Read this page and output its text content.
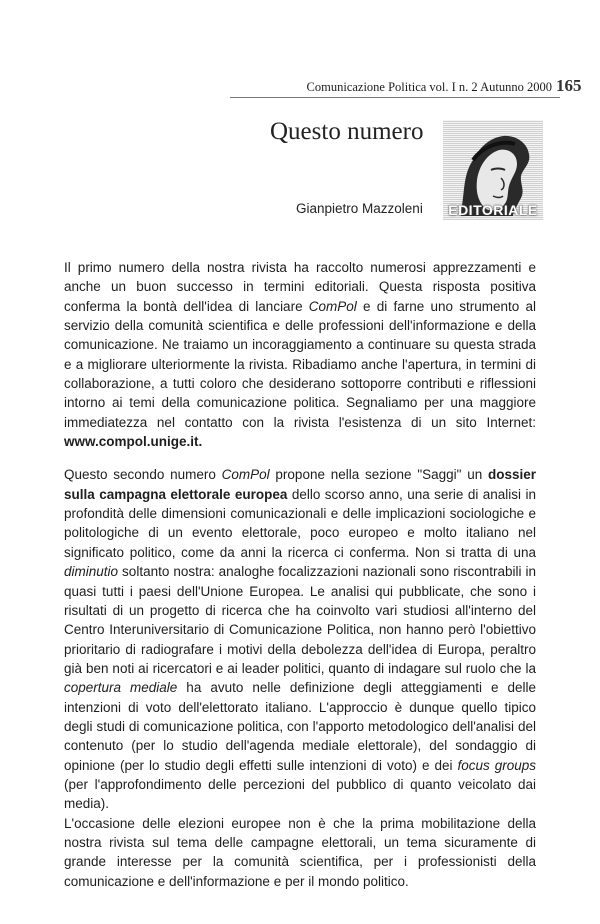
Comunicazione Politica vol. I n. 2 Autunno 2000 165
Questo numero
Gianpietro Mazzoleni	EDITORIALE

Il primo numero della nostra rivista ha raccolto numerosi apprezzamenti e anche un buon successo in termini editoriali. Questa risposta positiva conferma la bontà dell'idea di lanciare ComPol e di farne uno strumento al servizio della comunità scientifica e delle professioni dell'informazione e della comunicazione. Ne traiamo un incoraggiamento a continuare su questa strada e a migliorare ulteriormente la rivista. Ribadiamo anche l'apertura, in termini di collaborazione, a tutti coloro che desiderano sottoporre contributi e riflessioni intorno ai temi della comunicazione politica. Segnaliamo per una maggiore immediatezza nel contatto con la rivista l'esistenza di un sito Internet: www.compol.unige.it.

Questo secondo numero ComPol propone nella sezione "Saggi" un dossier sulla campagna elettorale europea dello scorso anno, una serie di analisi in profondità delle dimensioni comunicazionali e delle implicazioni sociologiche e politologiche di un evento elettorale, poco europeo e molto italiano nel significato politico, come da anni la ricerca ci conferma. Non si tratta di una diminutio soltanto nostra: analoghe focalizzazioni nazionali sono riscontrabili in quasi tutti i paesi dell'Unione Europea. Le analisi qui pubblicate, che sono i risultati di un progetto di ricerca che ha coinvolto vari studiosi all'interno del Centro Interuniversitario di Comunicazione Politica, non hanno però l'obiettivo prioritario di radiografare i motivi della debolezza dell'idea di Europa, peraltro già ben noti ai ricercatori e ai leader politici, quanto di indagare sul ruolo che la copertura mediale ha avuto nelle definizione degli atteggiamenti e delle intenzioni di voto dell'elettorato italiano. L'approccio è dunque quello tipico degli studi di comunicazione politica, con l'apporto metodologico dell'analisi del contenuto (per lo studio dell'agenda mediale elettorale), del sondaggio di opinione (per lo studio degli effetti sulle intenzioni di voto) e dei focus groups (per l'approfondimento delle percezioni del pubblico di quanto veicolato dai media).
L'occasione delle elezioni europee non è che la prima mobilitazione della nostra rivista sul tema delle campagne elettorali, un tema sicuramente di grande interesse per la comunità scientifica, per i professionisti della comunicazione e dell'informazione e per il mondo politico.
